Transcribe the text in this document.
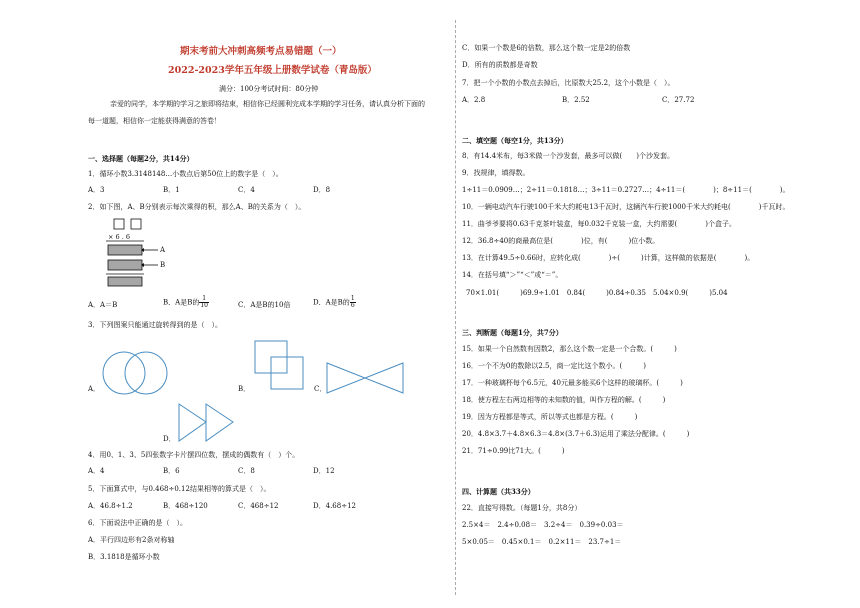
期末考前大冲刺高频考点易错题（一）
2022-2023学年五年级上册数学试卷（青岛版）
满分：100分考试时间：80分钟
亲爱的同学，本学期的学习之旅即将结束，相信你已经圆利完成本学期的学习任务，请认真分析下面的
每一道题，相信你一定能获得满意的答卷！
一、选择题（每题2分，共14分）
1．循环小数3.3148148…小数点后第50位上的数字是（　）。
A．3	B．1	C．4	D．8
2．如下图，A、B分别表示每次乘得的积，那么A、B的关系为（　）。
× 6 . 6
A
B
A．A＝B	B．A是B的 $\frac{1}{10}$	C．A是B的10倍	D．A是B的 $\frac{1}{6}$
3．下列图案只能通过旋转得到的是（　）。
A．	B．	C．
D．
4．用0、1、3、5四张数字卡片摆四位数，摆成的偶数有（　）个。
A．4	B．6	C．8	D．12
5．下面算式中，与0.468÷0.12结果相等的算式是（　）。
A．46.8÷1.2	B．468÷120	C．468÷12	D．4.68÷12
6．下面说法中正确的是（　）。
A．平行四边形有2条对称轴
B．3.1818是循环小数
C．如果一个数是6的倍数，那么这个数一定是2的倍数
D．所有的质数都是奇数
7．把一个小数的小数点去掉后，比原数大25.2，这个小数是（　）。
A．2.8	B．2.52	C．27.72
二、填空题（每空1分，共13分）
8．有14.4米布，每3米做一个沙发套，最多可以做(　　)个沙发套。
9．找规律，填得数。
1÷11＝0.0909…；2÷11＝0.1818…；3÷11＝0.2727…；4÷11＝(　　　　)；8÷11＝(　　　　)。
10．一辆电动汽车行驶100千米大约耗电13千瓦时，这辆汽车行驶1000千米大约耗电(　　　　)千瓦时。
11．曲爷爷要将0.63千克茶叶装盒，每0.032千克装一盒，大约需要(　　　　)个盒子。
12．36.8÷40的商最高位是(　　　　)位，有(　　　)位小数。
13．在计算49.5÷0.66时，应转化成(　　　　)÷(　　　)计算，这样做的依据是(　　　　)。
14．在括号填“＞”“＜”或“＝”。
70×1.01(　　　)69.9÷1.01　0.84(　　　)0.84÷0.35　5.04×0.9(　　　)5.04
三、判断题（每题1分，共7分）
15．如果一个自然数有因数2，那么这个数一定是一个合数。(　　　)
16．一个不为0的数除以2.5，商一定比这个数小。(　　　)
17．一种玻璃杯每个6.5元，40元最多能买6个这样的玻璃杯。(　　　)
18．使方程左右两边相等的未知数的值，叫作方程的解。(　　　)
19．因为方程都是等式，所以等式也都是方程。(　　　)
20．4.8×3.7＋4.8×6.3＝4.8×(3.7＋6.3)运用了乘法分配律。(　　　)
21．71÷0.99比71大。(　　　)
四、计算题（共33分）
22．直接写得数。（每题1分，共8分）
2.5×4＝　2.4÷0.08＝　3.2÷4＝　0.39÷0.03＝
5×0.05＝　0.45×0.1＝　0.2×11＝　23.7÷1＝
